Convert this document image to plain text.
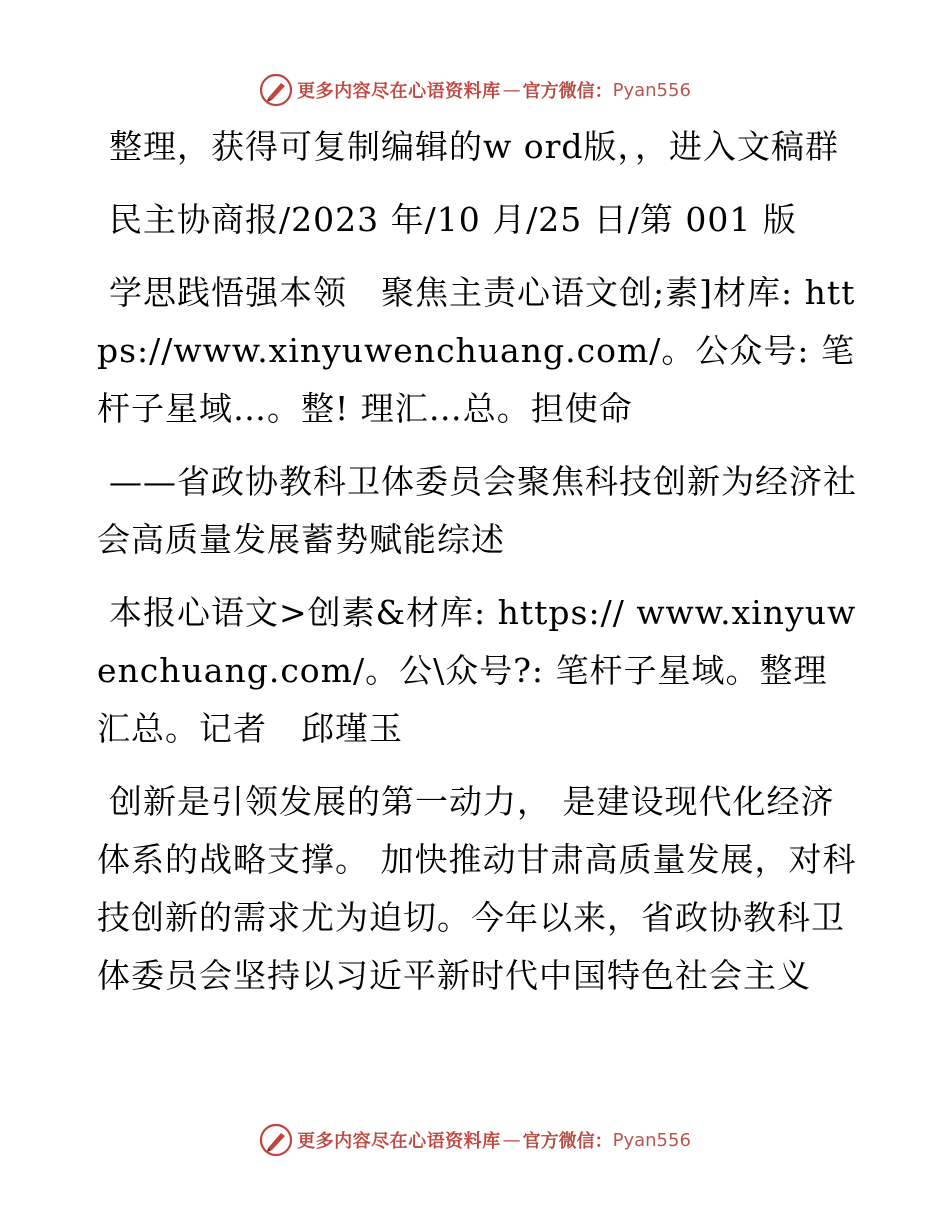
更多内容尽在心语资料库 — 官方微信： Pyan556

整理，获得可复制编辑的w ord版，，进入文稿群

民主协商报/2023 年/10 月/25 日/第 001 版

学思践悟强本领　聚焦主责心语文创;素]材库: https://www.xinyuwenchuang.com/。公众号: 笔杆子星域…。整! 理汇…总。担使命

——省政协教科卫体委员会聚焦科技创新为经济社会高质量发展蓄势赋能综述

本报心语文>创素&材库: https:// www.xinyuwenchuang.com/。公\众号?: 笔杆子星域。整理汇总。记者　邱瑾玉

创新是引领发展的第一动力， 是建设现代化经济体系的战略支撑。 加快推动甘肃高质量发展，对科技创新的需求尤为迫切。今年以来，省政协教科卫体委员会坚持以习近平新时代中国特色社会主义

更多内容尽在心语资料库 — 官方微信： Pyan556
